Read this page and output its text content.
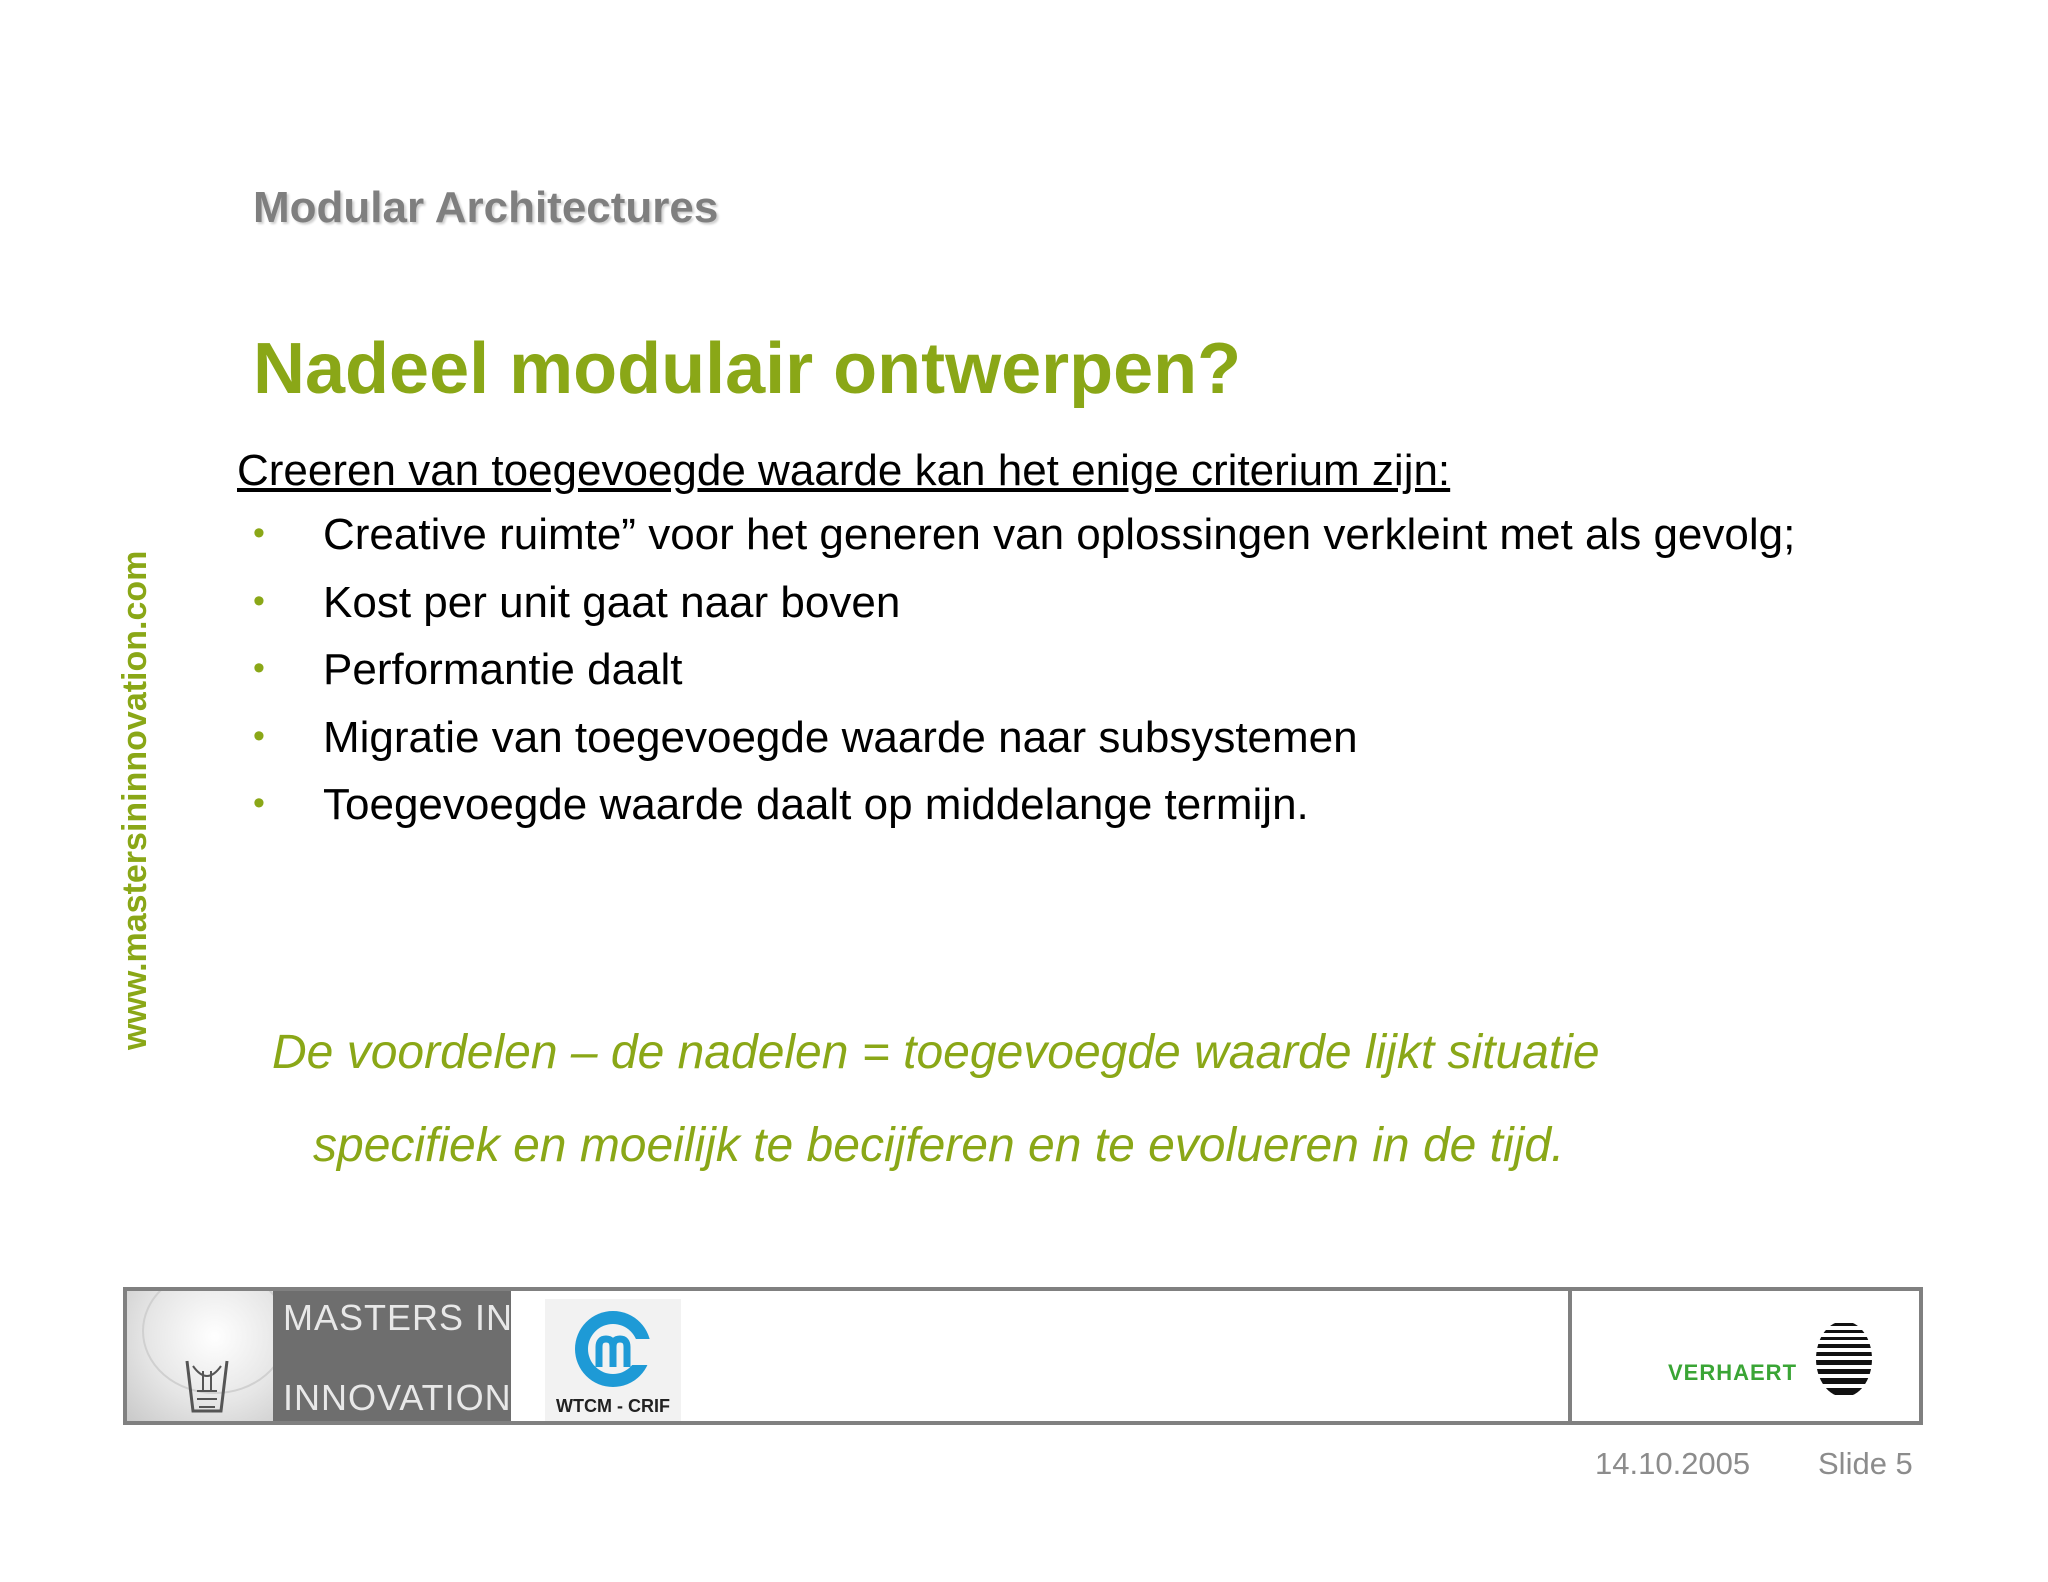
Modular Architectures
Nadeel modulair ontwerpen?
Creeren van toegevoegde waarde kan het enige criterium zijn:
• Creative ruimte” voor het generen van oplossingen verkleint met als gevolg;
• Kost per unit gaat naar boven
• Performantie daalt
• Migratie van toegevoegde waarde naar subsystemen
• Toegevoegde waarde daalt op middelange termijn.
www.mastersininnovation.com
De voordelen – de nadelen = toegevoegde waarde lijkt situatie
specifiek en moeilijk te becijferen en te evolueren in de tijd.
MASTERS IN
INNOVATION	WTCM - CRIF
VERHAERT
14.10.2005 Slide 5
